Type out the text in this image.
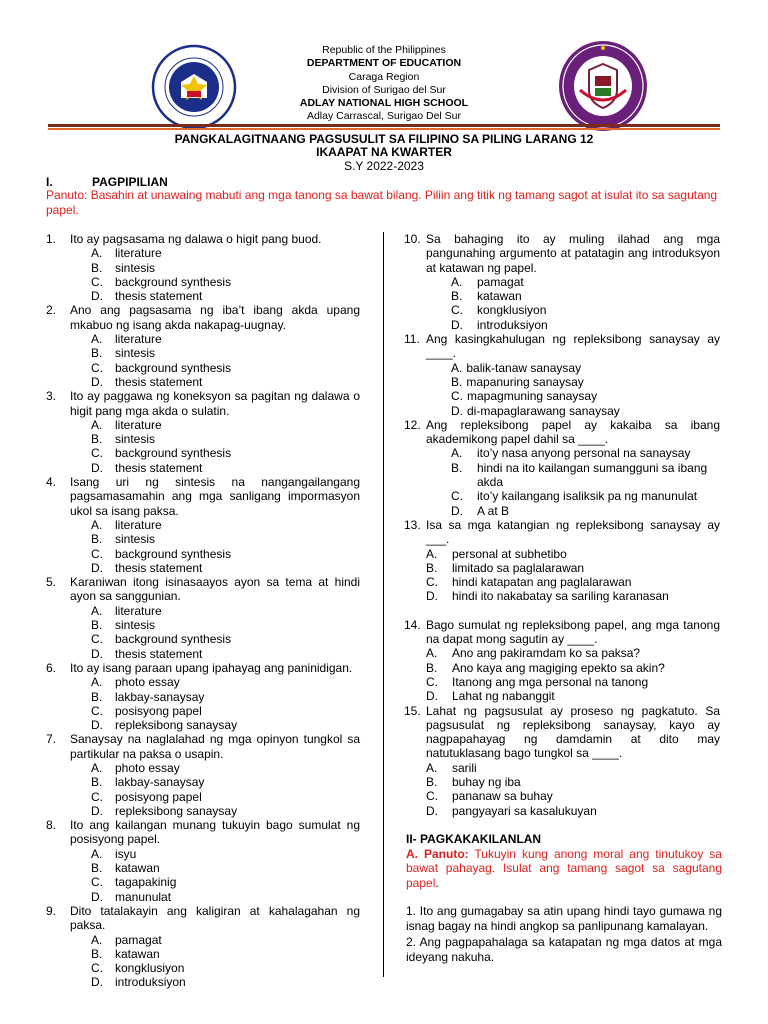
Republic of the Philippines
DEPARTMENT OF EDUCATION
Caraga Region
Division of Surigao del Sur
ADLAY NATIONAL HIGH SCHOOL
Adlay Carrascal, Surigao Del Sur
PANGKALAGITNAANG PAGSUSULIT SA FILIPINO SA PILING LARANG 12
IKAAPAT NA KWARTER
S.Y 2022-2023
I.	PAGPIPILIAN
Panuto: Basahin at unawaing mabuti ang mga tanong sa bawat bilang. Piliin ang titik ng tamang sagot at isulat ito sa sagutang papel.
1.	Ito ay pagsasama ng dalawa o higit pang buod.
A.	literature
B.	sintesis
C.	background synthesis
D.	thesis statement
2.	Ano ang pagsasama ng iba’t ibang akda upang mkabuo ng isang akda nakapag-uugnay.
A.	literature
B.	sintesis
C.	background synthesis
D.	thesis statement
3.	Ito ay paggawa ng koneksyon sa pagitan ng dalawa o higit pang mga akda o sulatin.
A.	literature
B.	sintesis
C.	background synthesis
D.	thesis statement
4.	Isang uri ng sintesis na nangangailangang pagsamasamahin ang mga sanligang impormasyon ukol sa isang paksa.
A.	literature
B.	sintesis
C.	background synthesis
D.	thesis statement
5.	Karaniwan itong isinasaayos ayon sa tema at hindi ayon sa sanggunian.
A.	literature
B.	sintesis
C.	background synthesis
D.	thesis statement
6.	Ito ay isang paraan upang ipahayag ang paninidigan.
A.	photo essay
B.	lakbay-sanaysay
C.	posisyong papel
D.	repleksibong sanaysay
7.	Sanaysay na naglalahad ng mga opinyon tungkol sa partikular na paksa o usapin.
A.	photo essay
B.	lakbay-sanaysay
C.	posisyong papel
D.	repleksibong sanaysay
8.	Ito ang kailangan munang tukuyin bago sumulat ng posisyong papel.
A.	isyu
B.	katawan
C.	tagapakinig
D.	manunulat
9.	Dito tatalakayin ang kaligiran at kahalagahan ng paksa.
A.	pamagat
B.	katawan
C.	kongklusiyon
D.	introduksiyon
10. Sa bahaging ito ay muling ilahad ang mga pangunahing argumento at patatagin ang introduksyon at katawan ng papel.
A.	pamagat
B.	katawan
C.	kongklusiyon
D.	introduksiyon
11. Ang kasingkahulugan ng repleksibong sanaysay ay ____.
A. balik-tanaw sanaysay
B. mapanuring sanaysay
C. mapagmuning sanaysay
D. di-mapaglarawang sanaysay
12. Ang repleksibong papel ay kakaiba sa ibang akademikong papel dahil sa ____.
A.	ito’y nasa anyong personal na sanaysay
B.	hindi na ito kailangan sumangguni sa ibang akda
C.	ito’y kailangang isaliksik pa ng manunulat
D.	A at B
13. Isa sa mga katangian ng repleksibong sanaysay ay ___.
A.	personal at subhetibo
B.	limitado sa paglalarawan
C.	hindi katapatan ang paglalarawan
D.	hindi ito nakabatay sa sariling karanasan
14. Bago sumulat ng repleksibong papel, ang mga tanong na dapat mong sagutin ay ____.
A.	Ano ang pakiramdam ko sa paksa?
B.	Ano kaya ang magiging epekto sa akin?
C.	Itanong ang mga personal na tanong
D.	Lahat ng nabanggit
15. Lahat ng pagsusulat ay proseso ng pagkatuto. Sa pagsusulat ng repleksibong sanaysay, kayo ay nagpapahayag ng damdamin at dito may natutuklasang bago tungkol sa ____.
A.	sarili
B.	buhay ng iba
C.	pananaw sa buhay
D.	pangyayari sa kasalukuyan
II- PAGKAKAKILANLAN
A. Panuto: Tukuyin kung anong moral ang tinutukoy sa bawat pahayag. Isulat ang tamang sagot sa sagutang papel.
1. Ito ang gumagabay sa atin upang hindi tayo gumawa ng isnag bagay na hindi angkop sa panlipunang kamalayan.
2. Ang pagpapahalaga sa katapatan ng mga datos at mga ideyang nakuha.
